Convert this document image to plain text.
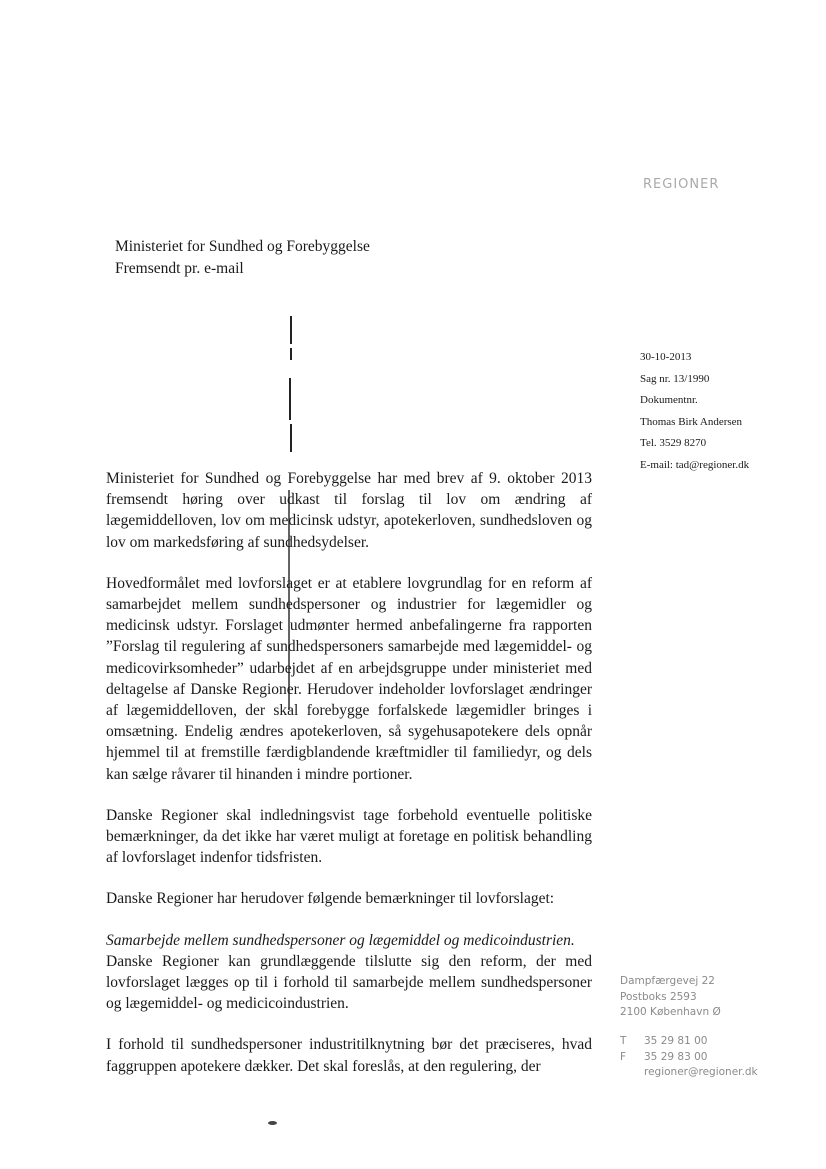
REGIONER
Ministeriet for Sundhed og Forebyggelse
Fremsendt pr. e-mail
30-10-2013
Sag nr. 13/1990
Dokumentnr.
Thomas Birk Andersen
Tel. 3529 8270
E-mail: tad@regioner.dk

Ministeriet for Sundhed og Forebyggelse har med brev af 9. oktober 2013 fremsendt høring over udkast til forslag til lov om ændring af lægemiddelloven, lov om medicinsk udstyr, apotekerloven, sundhedsloven og lov om markedsføring af sundhedsydelser.

Hovedformålet med lovforslaget er at etablere lovgrundlag for en reform af samarbejdet mellem sundhedspersoner og industrier for lægemidler og medicinsk udstyr. Forslaget udmønter hermed anbefalingerne fra rapporten ”Forslag til regulering af sundhedspersoners samarbejde med lægemiddel- og medicovirksomheder” udarbejdet af en arbejdsgruppe under ministeriet med deltagelse af Danske Regioner. Herudover indeholder lovforslaget ændringer af lægemiddelloven, der skal forebygge forfalskede lægemidler bringes i omsætning. Endelig ændres apotekerloven, så sygehusapotekere dels opnår hjemmel til at fremstille færdigblandende kræftmidler til familiedyr, og dels kan sælge råvarer til hinanden i mindre portioner.

Danske Regioner skal indledningsvist tage forbehold eventuelle politiske bemærkninger, da det ikke har været muligt at foretage en politisk behandling af lovforslaget indenfor tidsfristen.

Danske Regioner har herudover følgende bemærkninger til lovforslaget:

Samarbejde mellem sundhedspersoner og lægemiddel og medicoindustrien.

Danske Regioner kan grundlæggende tilslutte sig den reform, der med lovforslaget lægges op til i forhold til samarbejde mellem sundhedspersoner og lægemiddel- og medicicoindustrien.

I forhold til sundhedspersoner industritilknytning bør det præciseres, hvad faggruppen apotekere dækker. Det skal foreslås, at den regulering, der

Dampfærgevej 22
Postboks 2593
2100 København Ø
T 35 29 81 00
F 35 29 83 00
regioner@regioner.dk
